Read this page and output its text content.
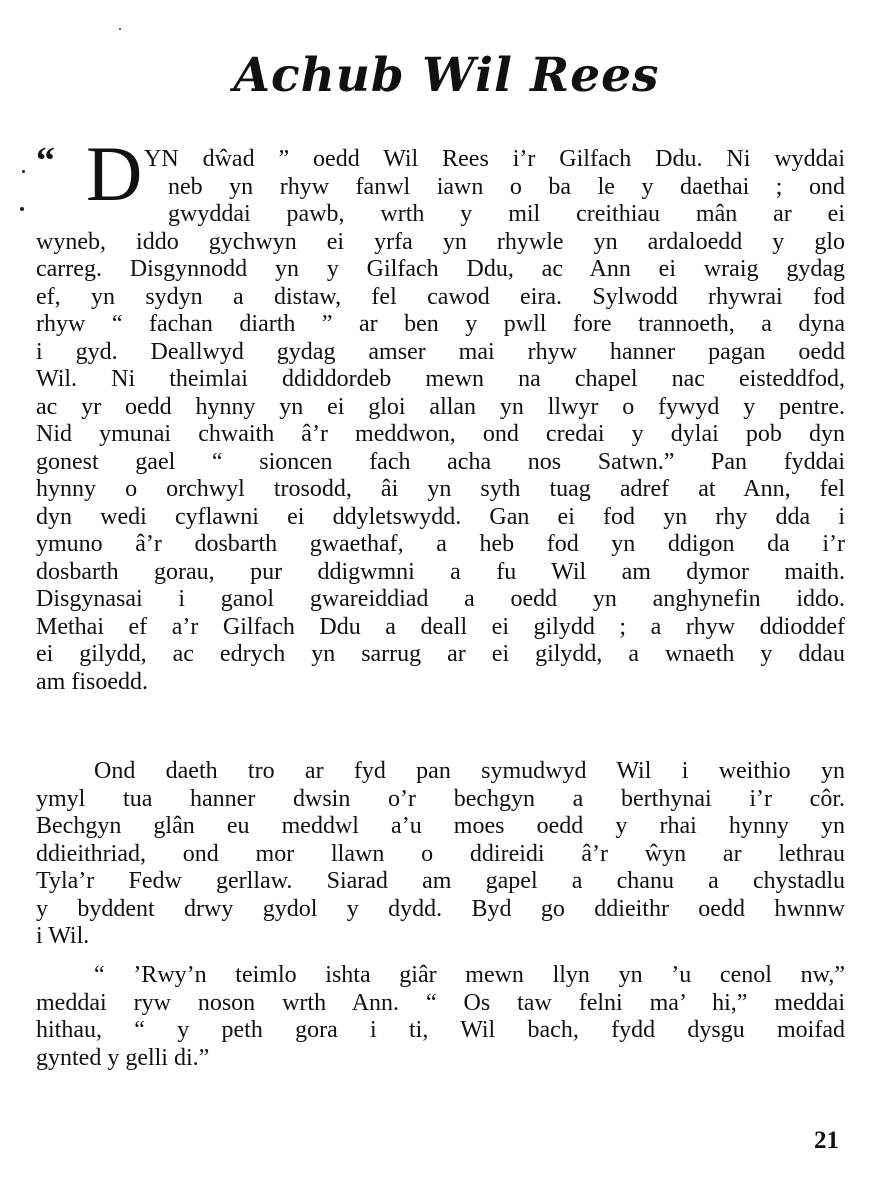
Achub Wil Rees
“ D YN dŵad ” oedd Wil Rees i’r Gilfach Ddu. Ni wyddai
neb yn rhyw fanwl iawn o ba le y daethai ; ond
gwyddai pawb, wrth y mil creithiau mân ar ei
wyneb, iddo gychwyn ei yrfa yn rhywle yn ardaloedd y glo
carreg. Disgynnodd yn y Gilfach Ddu, ac Ann ei wraig gydag
ef, yn sydyn a distaw, fel cawod eira. Sylwodd rhywrai fod
rhyw “ fachan diarth ” ar ben y pwll fore trannoeth, a dyna
i gyd. Deallwyd gydag amser mai rhyw hanner pagan oedd
Wil. Ni theimlai ddiddordeb mewn na chapel nac eisteddfod,
ac yr oedd hynny yn ei gloi allan yn llwyr o fywyd y pentre.
Nid ymunai chwaith â’r meddwon, ond credai y dylai pob dyn
gonest gael “ sioncen fach acha nos Satwn.” Pan fyddai
hynny o orchwyl trosodd, âi yn syth tuag adref at Ann, fel
dyn wedi cyflawni ei ddyletswydd. Gan ei fod yn rhy dda i
ymuno â’r dosbarth gwaethaf, a heb fod yn ddigon da i’r
dosbarth gorau, pur ddigwmni a fu Wil am dymor maith.
Disgynasai i ganol gwareiddiad a oedd yn anghynefin iddo.
Methai ef a’r Gilfach Ddu a deall ei gilydd ; a rhyw ddioddef
ei gilydd, ac edrych yn sarrug ar ei gilydd, a wnaeth y ddau
am fisoedd.
Ond daeth tro ar fyd pan symudwyd Wil i weithio yn
ymyl tua hanner dwsin o’r bechgyn a berthynai i’r côr.
Bechgyn glân eu meddwl a’u moes oedd y rhai hynny yn
ddieithriad, ond mor llawn o ddireidi â’r ŵyn ar lethrau
Tyla’r Fedw gerllaw. Siarad am gapel a chanu a chystadlu
y byddent drwy gydol y dydd. Byd go ddieithr oedd hwnnw
i Wil.
“ ’Rwy’n teimlo ishta giâr mewn llyn yn ’u cenol nw,”
meddai ryw noson wrth Ann. “ Os taw felni ma’ hi,” meddai
hithau, “ y peth gora i ti, Wil bach, fydd dysgu moifad
gynted y gelli di.”

21
